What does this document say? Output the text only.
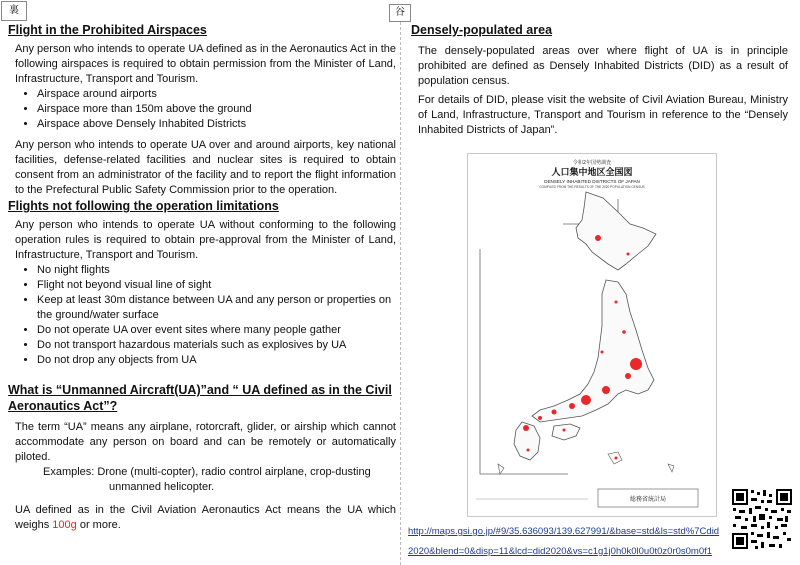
裏	谷
Flight in the Prohibited Airspaces

Any person who intends to operate UA defined as in the Aeronautics Act in the following airspaces is required to obtain permission from the Minister of Land, Infrastructure, Transport and Tourism.

• Airspace around airports
• Airspace more than 150m above the ground
• Airspace above Densely Inhabited Districts

Any person who intends to operate UA over and around airports, key national facilities, defense-related facilities and nuclear sites is required to obtain consent from an administrator of the facility and to report the flight information to the Prefectural Public Safety Commission prior to the operation.

Flights not following the operation limitations

Any person who intends to operate UA without conforming to the following operation rules is required to obtain pre-approval from the Minister of Land, Infrastructure, Transport and Tourism.

• No night flights
• Flight not beyond visual line of sight
• Keep at least 30m distance between UA and any person or properties on the ground/water surface
• Do not operate UA over event sites where many people gather
• Do not transport hazardous materials such as explosives by UA
• Do not drop any objects from UA
What is “Unmanned Aircraft(UA)”and “ UA defined as in the Civil Aeronautics Act”?

The term “UA” means any airplane, rotorcraft, glider, or airship which cannot accommodate any person on board and can be remotely or automatically piloted.

Examples: Drone (multi-copter), radio control airplane, crop-dusting
unmanned helicopter.

UA defined as in the Civil Aviation Aeronautics Act means the UA which weighs 100g or more.

Densely-populated area

The densely-populated areas over where flight of UA is in principle prohibited are defined as Densely Inhabited Districts (DID) as a result of population census.

For details of DID, please visit the website of Civil Aviation Bureau, Ministry of Land, Infrastructure, Transport and Tourism in reference to the “Densely Inhabited Districts of Japan”.

令和2年国勢調査
人口集中地区全国図
DENSELY INHABITED DISTRICTS OF JAPAN
COMPILED FROM THE RESULTS OF THE 2020 POPULATION CENSUS
総務省統計局
http://maps.gsi.go.jp/#9/35.636093/139.627991/&base=std&ls=std%7Cdid2020&blend=0&disp=11&lcd=did2020&vs=c1g1j0h0k0l0u0t0z0r0s0m0f1
